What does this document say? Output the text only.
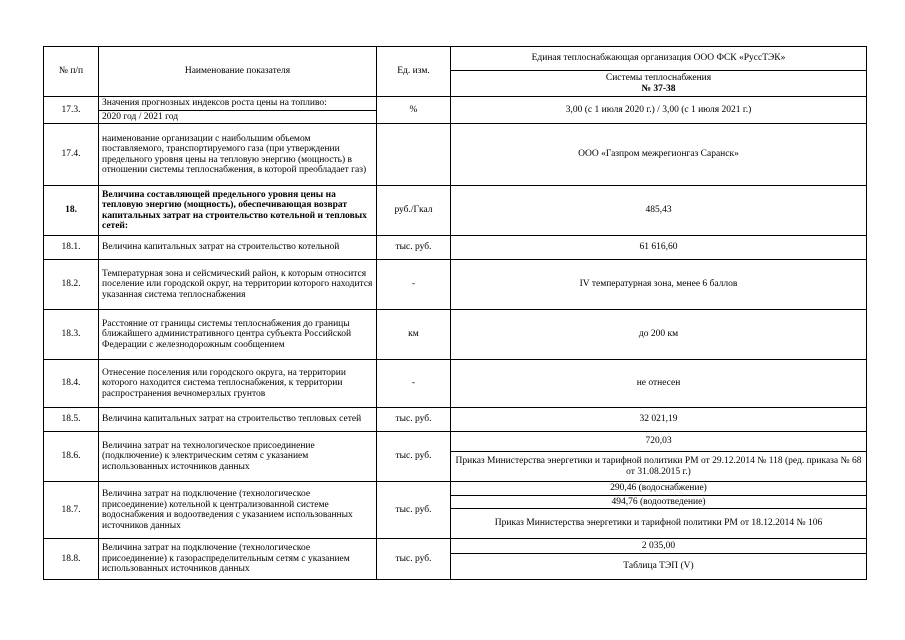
№ п/п	Наименование показателя	Ед. изм.	Единая теплоснабжающая организация ООО ФСК «РуссТЭК»

			Системы теплоснабжения
№ 37-38

17.3.	Значения прогнозных индексов роста цены на топливо:	%	3,00 (с 1 июля 2020 г.) / 3,00 (с 1 июля 2021 г.)
	2020 год / 2021 год		
17.4.	наименование организации с наибольшим объемом поставляемого, транспортируемого газа (при утверждении предельного уровня цены на тепловую энергию (мощность) в отношении системы теплоснабжения, в которой преобладает газ)		ООО «Газпром межрегионгаз Саранск»
18.	Величина составляющей предельного уровня цены на тепловую энергию (мощность), обеспечивающая возврат капитальных затрат на строительство котельной и тепловых сетей:	руб./Гкал	485,43
18.1.	Величина капитальных затрат на строительство котельной	тыс. руб.	61 616,60
18.2.	Температурная зона и сейсмический район, к которым относится поселение или городской округ, на территории которого находится указанная система теплоснабжения	-	IV температурная зона, менее 6 баллов
18.3.	Расстояние от границы системы теплоснабжения до границы ближайшего административного центра субъекта Российской Федерации с железнодорожным сообщением	км	до 200 км
18.4.	Отнесение поселения или городского округа, на территории которого находится система теплоснабжения, к территории распространения вечномерзлых грунтов	-	не отнесен
18.5.	Величина капитальных затрат на строительство тепловых сетей	тыс. руб.	32 021,19
18.6.	Величина затрат на технологическое присоединение (подключение) к электрическим сетям с указанием использованных источников данных	тыс. руб.	720,03
			Приказ Министерства энергетики и тарифной политики РМ от 29.12.2014 № 118 (ред. приказа № 68 от 31.08.2015 г.)
18.7.	Величина затрат на подключение (технологическое присоединение) котельной к централизованной системе водоснабжения и водоотведения с указанием использованных источников данных	тыс. руб.	290,46 (водоснабжение)
			494,76 (водоотведение)
			Приказ Министерства энергетики и тарифной политики РМ от 18.12.2014 № 106
18.8.	Величина затрат на подключение (технологическое присоединение) к газораспределительным сетям с указанием использованных источников данных	тыс. руб.	2 035,00
			Таблица ТЭП (V)
